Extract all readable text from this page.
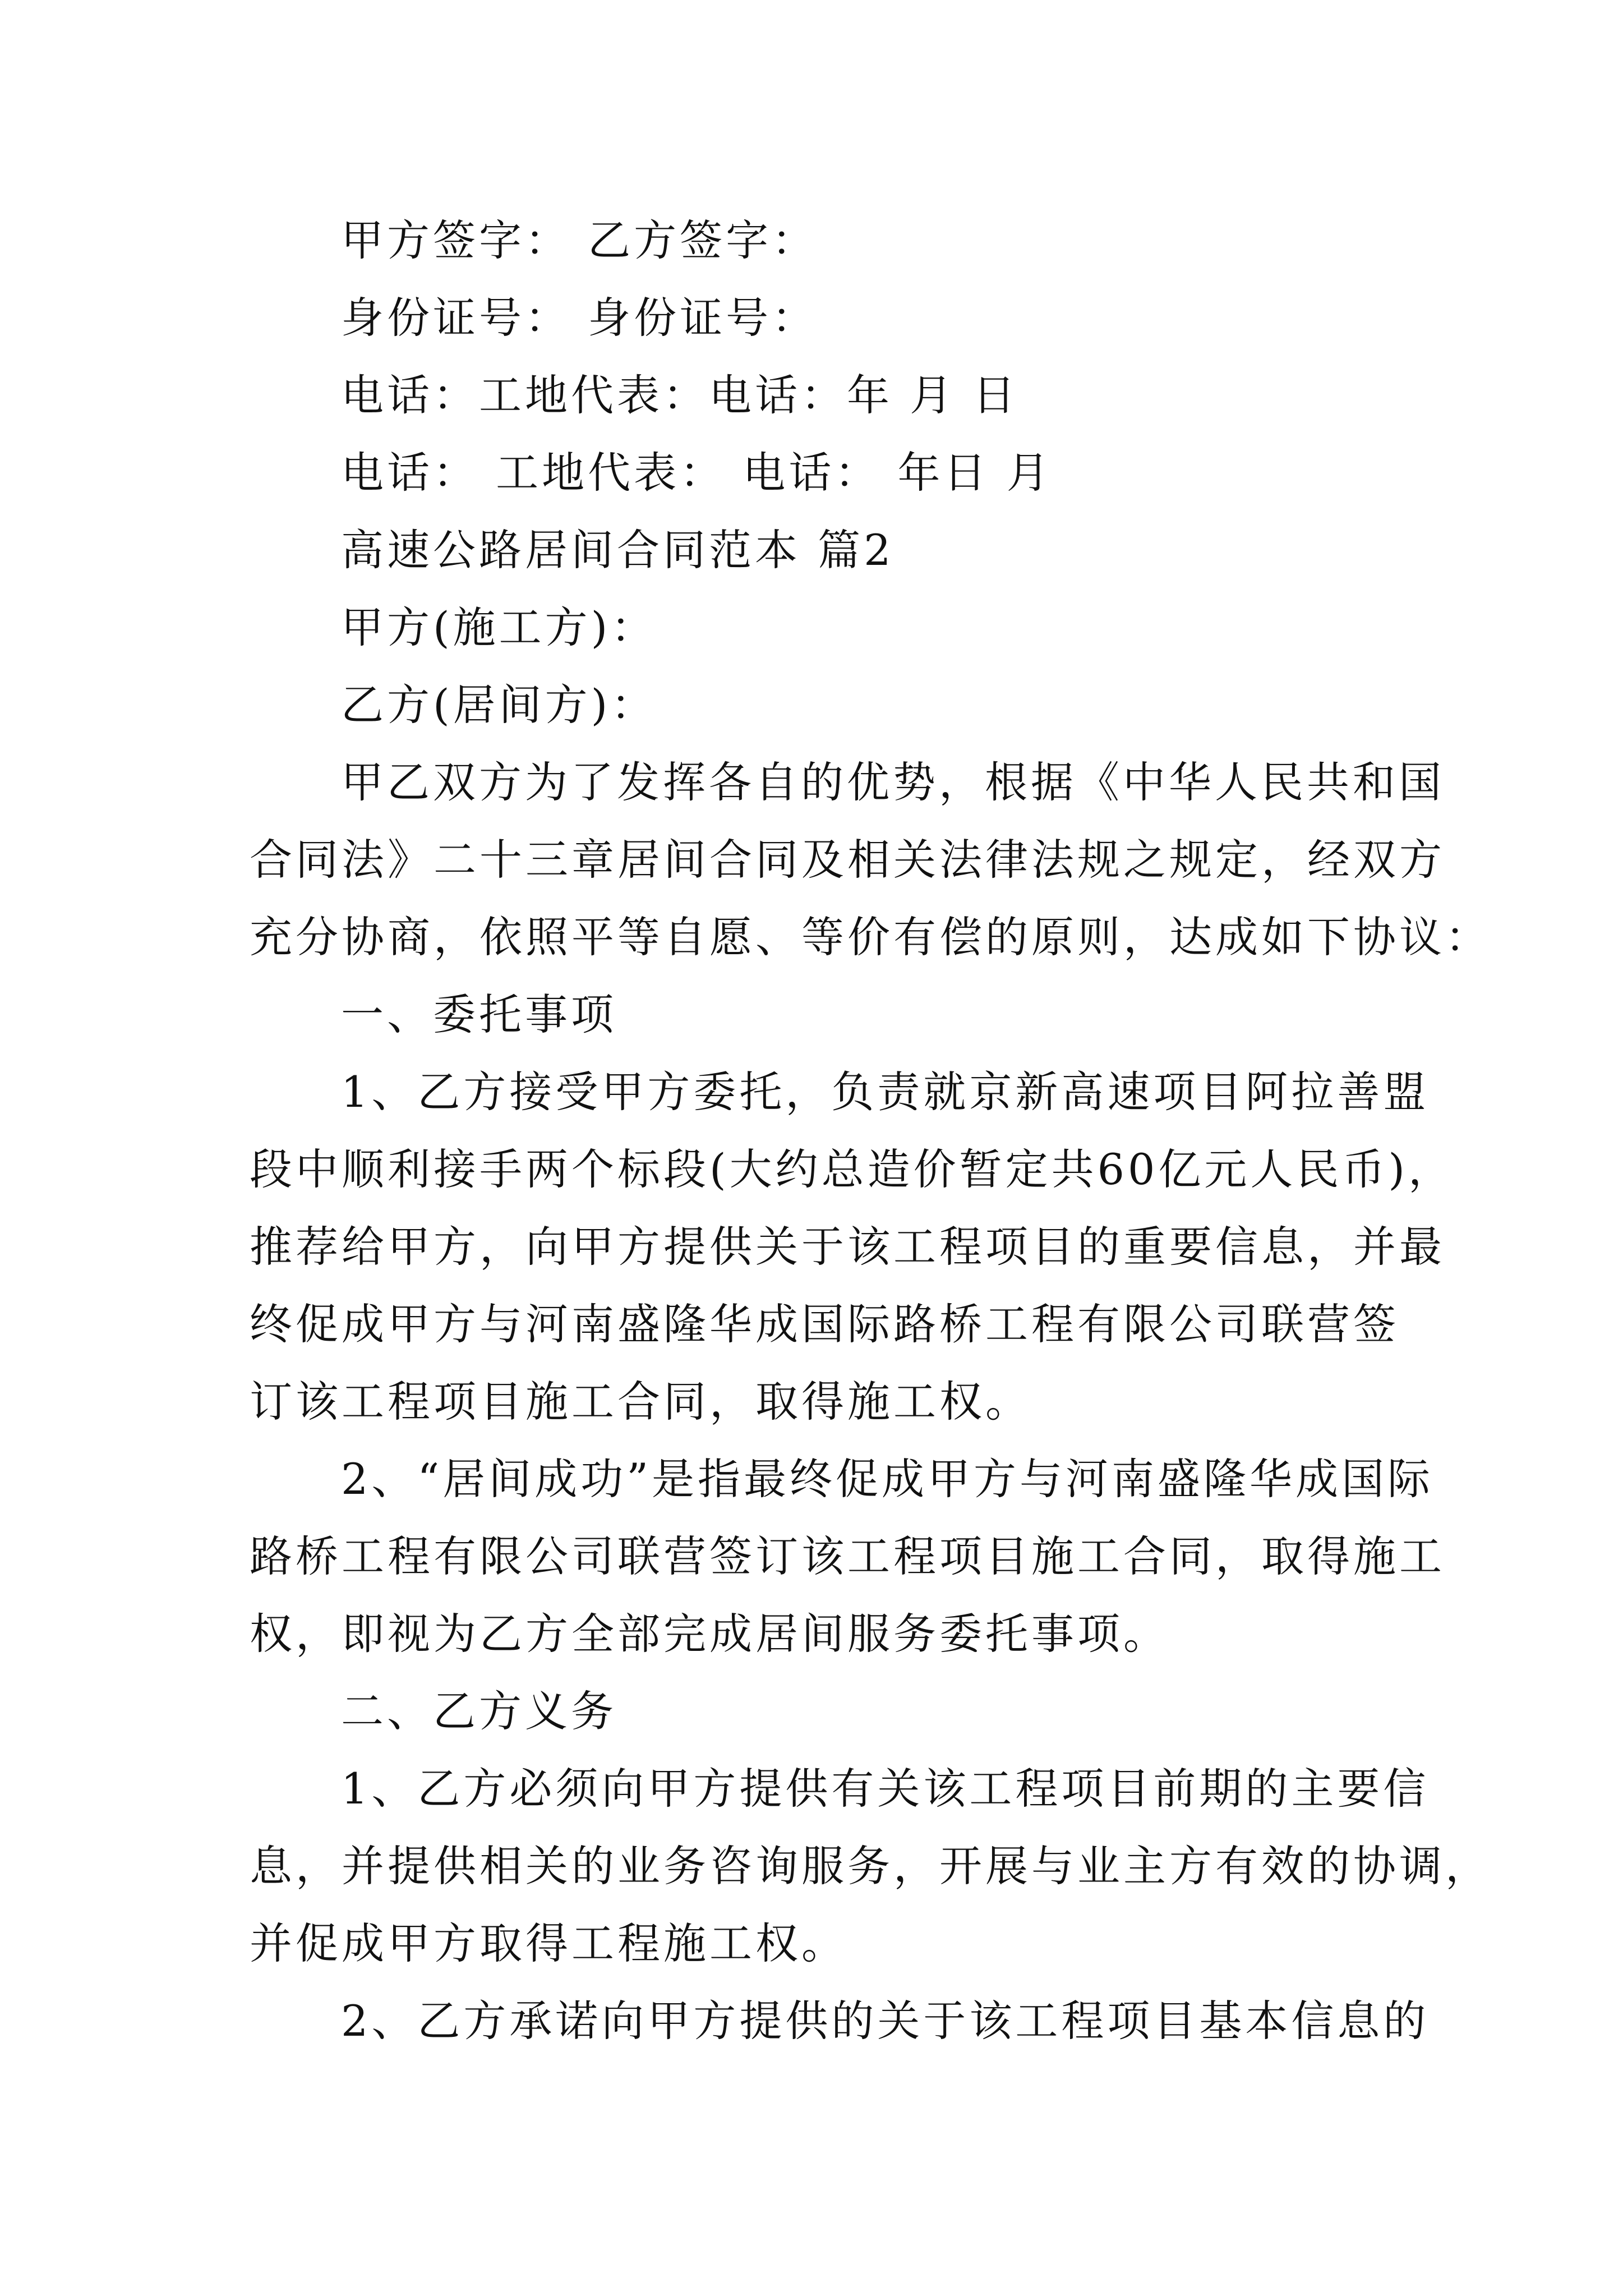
甲方签字： 乙方签字：

身份证号： 身份证号：

电话：工地代表：电话：年 月 日

电话： 工地代表： 电话： 年日 月

高速公路居间合同范本 篇2

甲方(施工方)：

乙方(居间方)：

甲乙双方为了发挥各自的优势，根据《中华人民共和国
合同法》二十三章居间合同及相关法律法规之规定，经双方
充分协商，依照平等自愿、等价有偿的原则，达成如下协议：
一、委托事项
1、乙方接受甲方委托，负责就京新高速项目阿拉善盟
段中顺利接手两个标段(大约总造价暂定共60亿元人民币)，
推荐给甲方，向甲方提供关于该工程项目的重要信息，并最
终促成甲方与河南盛隆华成国际路桥工程有限公司联营签
订该工程项目施工合同，取得施工权。
2、“居间成功”是指最终促成甲方与河南盛隆华成国际
路桥工程有限公司联营签订该工程项目施工合同，取得施工
权，即视为乙方全部完成居间服务委托事项。
二、乙方义务
1、乙方必须向甲方提供有关该工程项目前期的主要信
息，并提供相关的业务咨询服务，开展与业主方有效的协调，
并促成甲方取得工程施工权。
2、乙方承诺向甲方提供的关于该工程项目基本信息的
